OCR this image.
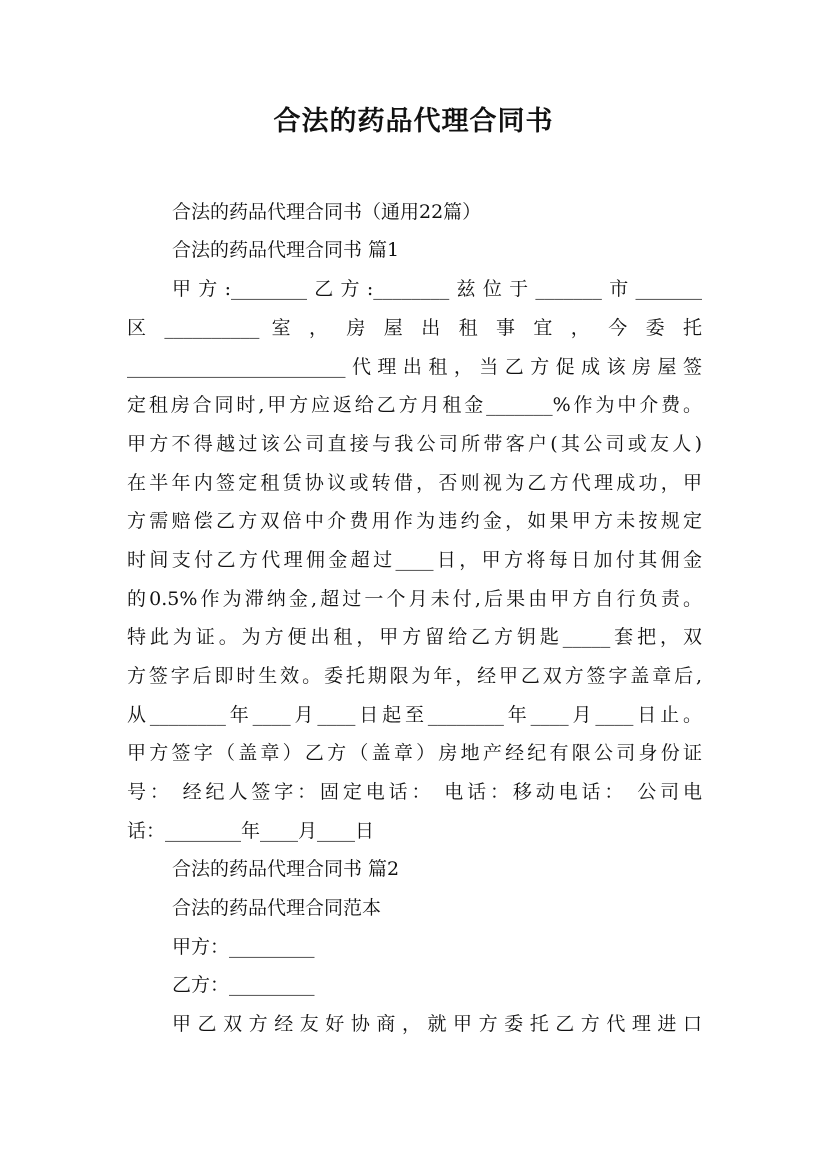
合法的药品代理合同书
合法的药品代理合同书（通用22篇）
合法的药品代理合同书 篇1
甲方:________乙方:________兹位于_______市_______
区 __________ 室 ， 房 屋 出 租 事 宜 ， 今 委 托
_______________________代理出租，当乙方促成该房屋签
定租房合同时,甲方应返给乙方月租金_______%作为中介费。
甲方不得越过该公司直接与我公司所带客户(其公司或友人)
在半年内签定租赁协议或转借，否则视为乙方代理成功，甲
方需赔偿乙方双倍中介费用作为违约金，如果甲方未按规定
时间支付乙方代理佣金超过____日，甲方将每日加付其佣金
的0.5%作为滞纳金,超过一个月未付,后果由甲方自行负责。
特此为证。为方便出租，甲方留给乙方钥匙_____套把，双
方签字后即时生效。委托期限为年，经甲乙双方签字盖章后,
从________年____月____日起至________年____月____日止。
甲方签字（盖章）乙方（盖章）房地产经纪有限公司身份证
号： 经纪人签字：固定电话： 电话：移动电话： 公司电
话：________年____月____日
合法的药品代理合同书 篇2
合法的药品代理合同范本
甲方：_________
乙方：_________
甲乙双方经友好协商，就甲方委托乙方代理进口
